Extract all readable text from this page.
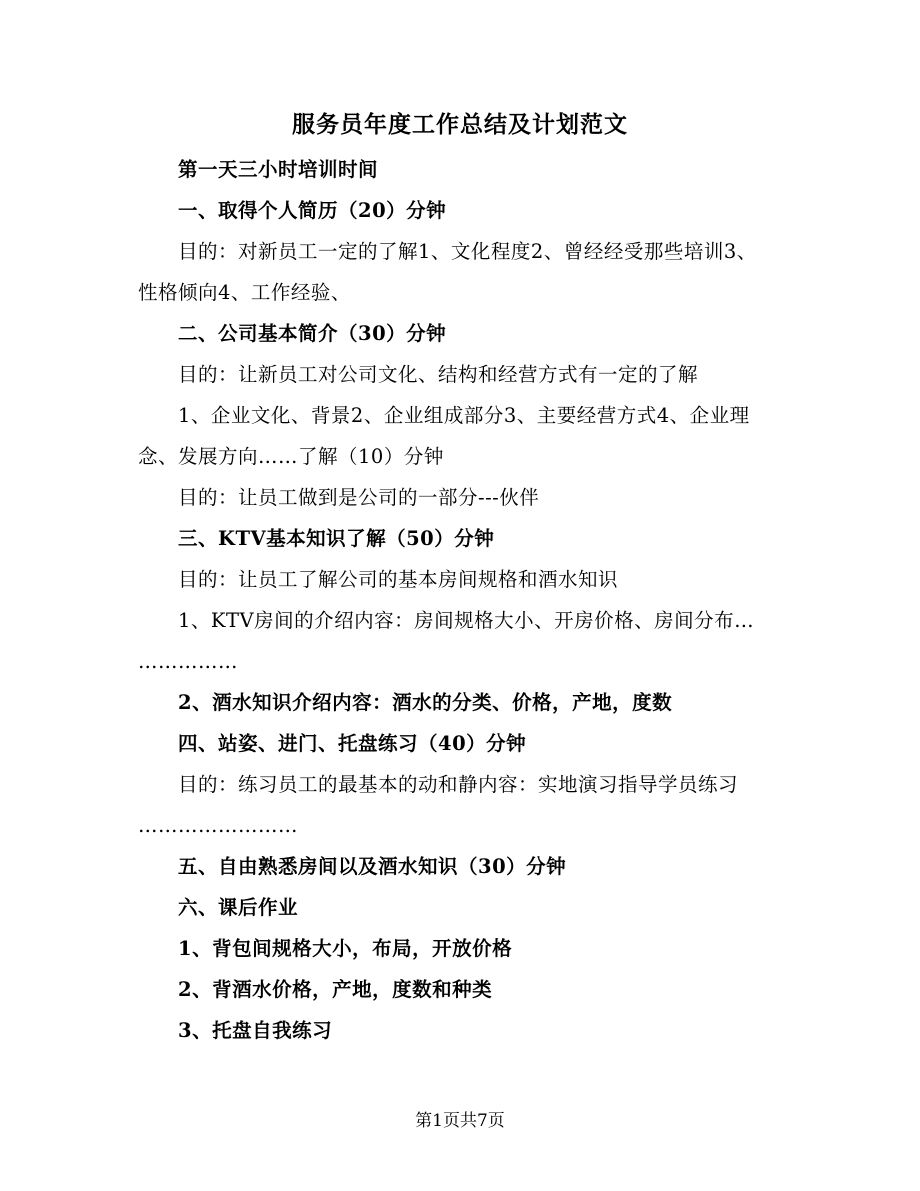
服务员年度工作总结及计划范文
第一天三小时培训时间
一、取得个人简历（20）分钟
目的：对新员工一定的了解1、文化程度2、曾经经受那些培训3、
性格倾向4、工作经验、
二、公司基本简介（30）分钟
目的：让新员工对公司文化、结构和经营方式有一定的了解
1、企业文化、背景2、企业组成部分3、主要经营方式4、企业理
念、发展方向……了解（10）分钟
目的：让员工做到是公司的一部分---伙伴
三、KTV基本知识了解（50）分钟
目的：让员工了解公司的基本房间规格和酒水知识
1、KTV房间的介绍内容：房间规格大小、开房价格、房间分布…
……………
2、酒水知识介绍内容：酒水的分类、价格，产地，度数
四、站姿、进门、托盘练习（40）分钟
目的：练习员工的最基本的动和静内容：实地演习指导学员练习
……………………
五、自由熟悉房间以及酒水知识（30）分钟
六、课后作业
1、背包间规格大小，布局，开放价格
2、背酒水价格，产地，度数和种类
3、托盘自我练习
第1页共7页
